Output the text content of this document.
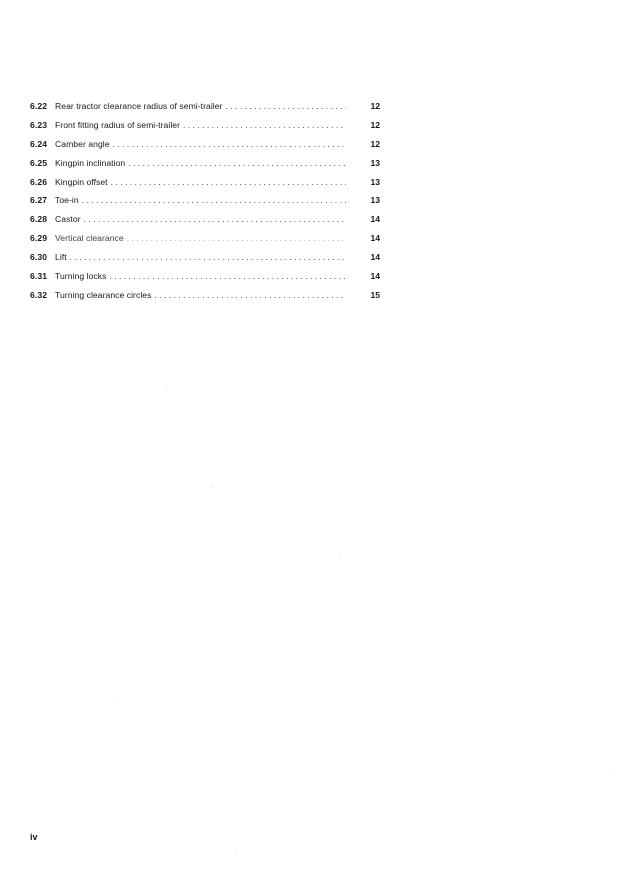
6.22 Rear tractor clearance radius of semi-trailer . . .	12
6.23 Front fitting radius of semi-trailer . . .	12
6.24 Camber angle . . .	12
6.25 Kingpin inclination . . .	13
6.26 Kingpin offset . . .	13
6.27 Toe-in . . .	13
6.28 Castor . . .	14
6.29 Vertical clearance . . .	14
6.30 Lift . . .	14
6.31 Turning locks . . .	14
6.32 Turning clearance circles . . .	15
iv
